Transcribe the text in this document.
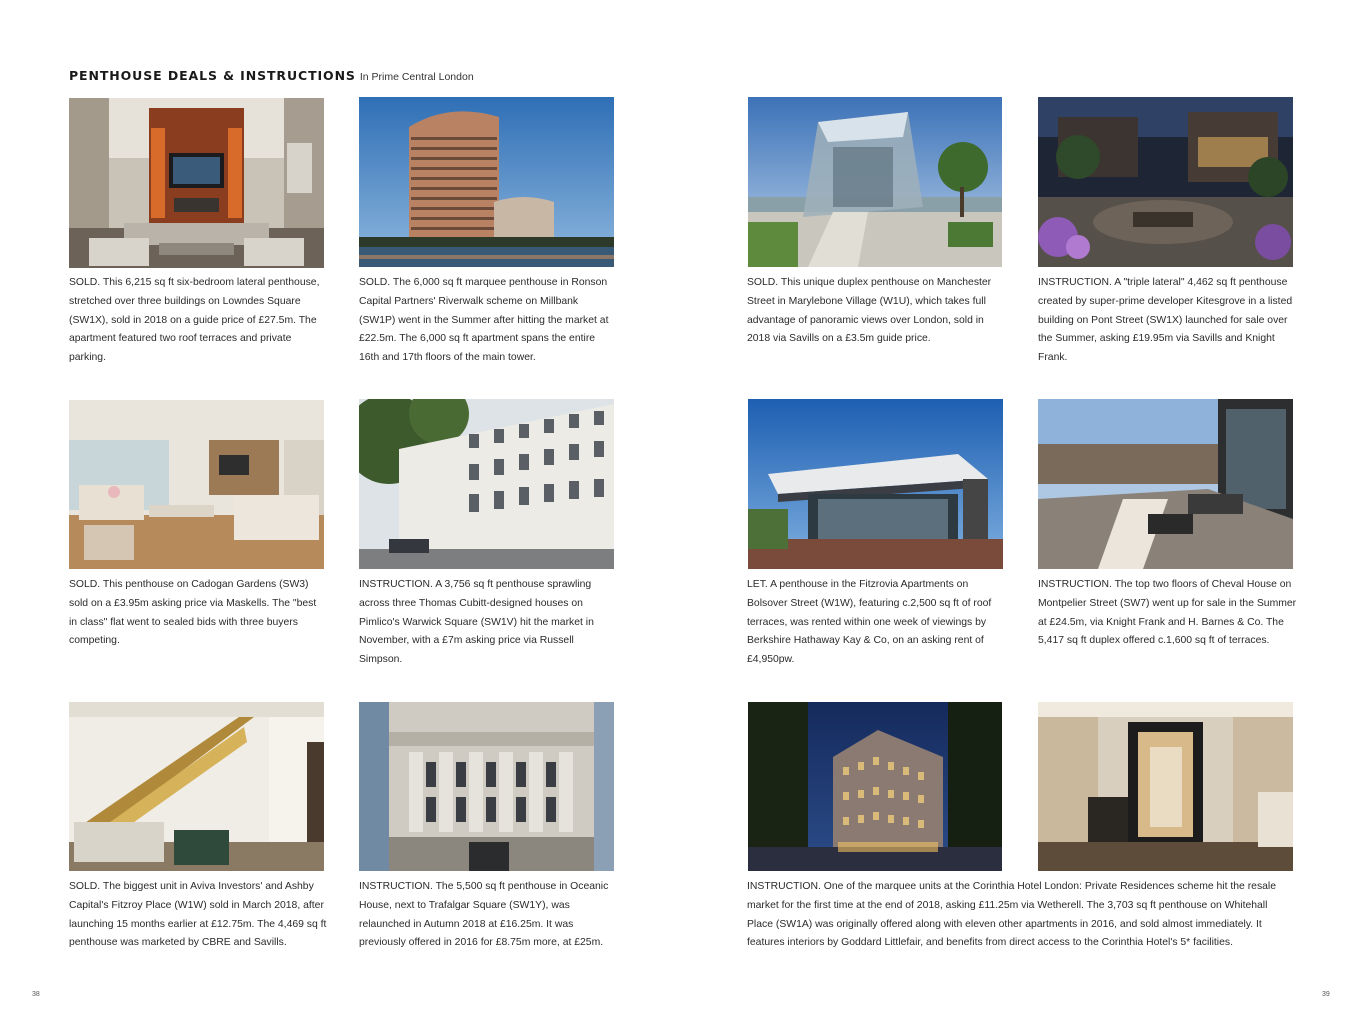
PENTHOUSE DEALS & INSTRUCTIONS In Prime Central London
SOLD. This 6,215 sq ft six-bedroom lateral penthouse, stretched over three buildings on Lowndes Square (SW1X), sold in 2018 on a guide price of £27.5m. The apartment featured two roof terraces and private parking.
SOLD. The 6,000 sq ft marquee penthouse in Ronson Capital Partners' Riverwalk scheme on Millbank (SW1P) went in the Summer after hitting the market at £22.5m. The 6,000 sq ft apartment spans the entire 16th and 17th floors of the main tower.
SOLD. This unique duplex penthouse on Manchester Street in Marylebone Village (W1U), which takes full advantage of panoramic views over London, sold in 2018 via Savills on a £3.5m guide price.
INSTRUCTION. A "triple lateral" 4,462 sq ft penthouse created by super-prime developer Kitesgrove in a listed building on Pont Street (SW1X) launched for sale over the Summer, asking £19.95m via Savills and Knight Frank.
SOLD. This penthouse on Cadogan Gardens (SW3) sold on a £3.95m asking price via Maskells. The "best in class" flat went to sealed bids with three buyers competing.
INSTRUCTION. A 3,756 sq ft penthouse sprawling across three Thomas Cubitt-designed houses on Pimlico's Warwick Square (SW1V) hit the market in November, with a £7m asking price via Russell Simpson.
LET. A penthouse in the Fitzrovia Apartments on Bolsover Street (W1W), featuring c.2,500 sq ft of roof terraces, was rented within one week of viewings by Berkshire Hathaway Kay & Co, on an asking rent of £4,950pw.
INSTRUCTION. The top two floors of Cheval House on Montpelier Street (SW7) went up for sale in the Summer at £24.5m, via Knight Frank and H. Barnes & Co. The 5,417 sq ft duplex offered c.1,600 sq ft of terraces.
SOLD. The biggest unit in Aviva Investors' and Ashby Capital's Fitzroy Place (W1W) sold in March 2018, after launching 15 months earlier at £12.75m. The 4,469 sq ft penthouse was marketed by CBRE and Savills.
INSTRUCTION. The 5,500 sq ft penthouse in Oceanic House, next to Trafalgar Square (SW1Y), was relaunched in Autumn 2018 at £16.25m. It was previously offered in 2016 for £8.75m more, at £25m.
INSTRUCTION. One of the marquee units at the Corinthia Hotel London: Private Residences scheme hit the resale market for the first time at the end of 2018, asking £11.25m via Wetherell. The 3,703 sq ft penthouse on Whitehall Place (SW1A) was originally offered along with eleven other apartments in 2016, and sold almost immediately. It features interiors by Goddard Littlefair, and benefits from direct access to the Corinthia Hotel's 5* facilities.
38	39
